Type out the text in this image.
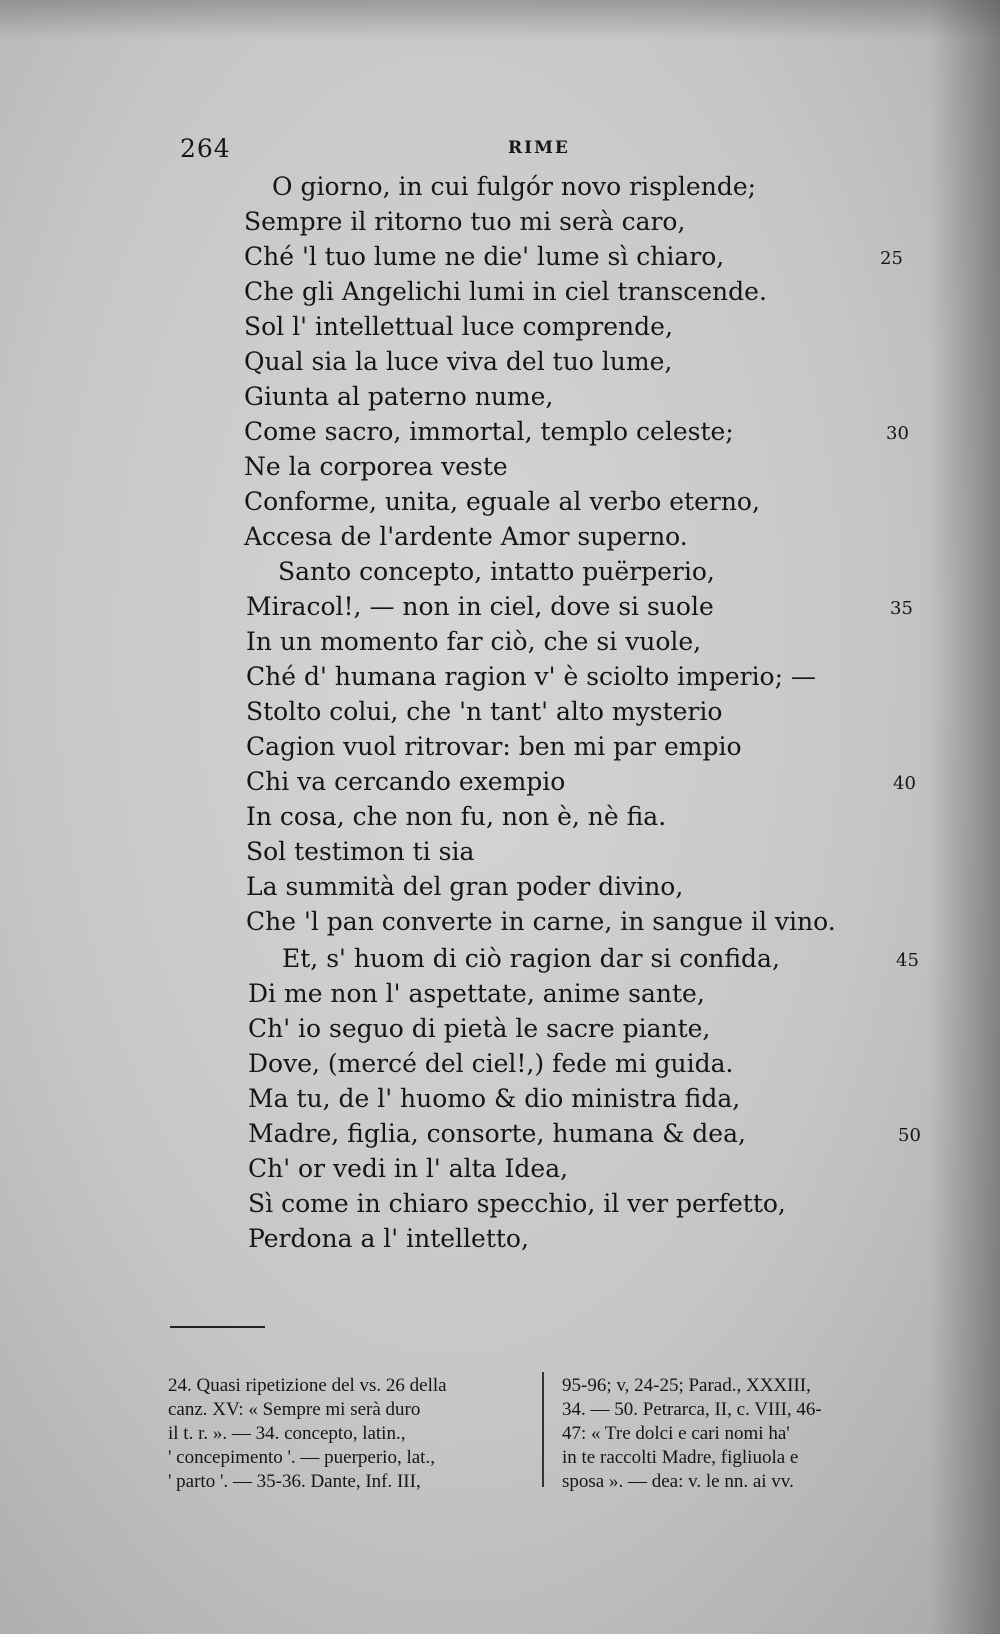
264	RIME
O giorno, in cui fulgór novo risplende;
Sempre il ritorno tuo mi serà caro,
Ché 'l tuo lume ne die' lume sì chiaro,
Che gli Angelichi lumi in ciel transcende.
Sol l' intellettual luce comprende,
Qual sia la luce viva del tuo lume,
Giunta al paterno nume,
Come sacro, immortal, templo celeste;
Ne la corporea veste
Conforme, unita, eguale al verbo eterno,
Accesa de l'ardente Amor superno.
Santo concepto, intatto puërperio,
Miracol!, — non in ciel, dove si suole
In un momento far ciò, che si vuole,
Ché d' humana ragion v' è sciolto imperio; —
Stolto colui, che 'n tant' alto mysterio
Cagion vuol ritrovar: ben mi par empio
Chi va cercando exempio
In cosa, che non fu, non è, nè fia.
Sol testimon ti sia
La summità del gran poder divino,
Che 'l pan converte in carne, in sangue il vino.
Et, s' huom di ciò ragion dar si confida,
Di me non l' aspettate, anime sante,
Ch' io seguo di pietà le sacre piante,
Dove, (mercé del ciel!,) fede mi guida.
Ma tu, de l' huomo & dio ministra fida,
Madre, figlia, consorte, humana & dea,
Ch' or vedi in l' alta Idea,
Sì come in chiaro specchio, il ver perfetto,
Perdona a l' intelletto,
25
30
35
40
45
50
24. Quasi ripetizione del vs. 26 della
canz. XV: « Sempre mi serà duro
il t. r. ». — 34. concepto, latin.,
' concepimento '. — puerperio, lat.,
' parto '. — 35-36. Dante, Inf. III,
95-96; v, 24-25; Parad., XXXIII,
34. — 50. Petrarca, II, c. VIII, 46-
47: « Tre dolci e cari nomi ha'
in te raccolti Madre, figliuola e
sposa ». — dea: v. le nn. ai vv.
